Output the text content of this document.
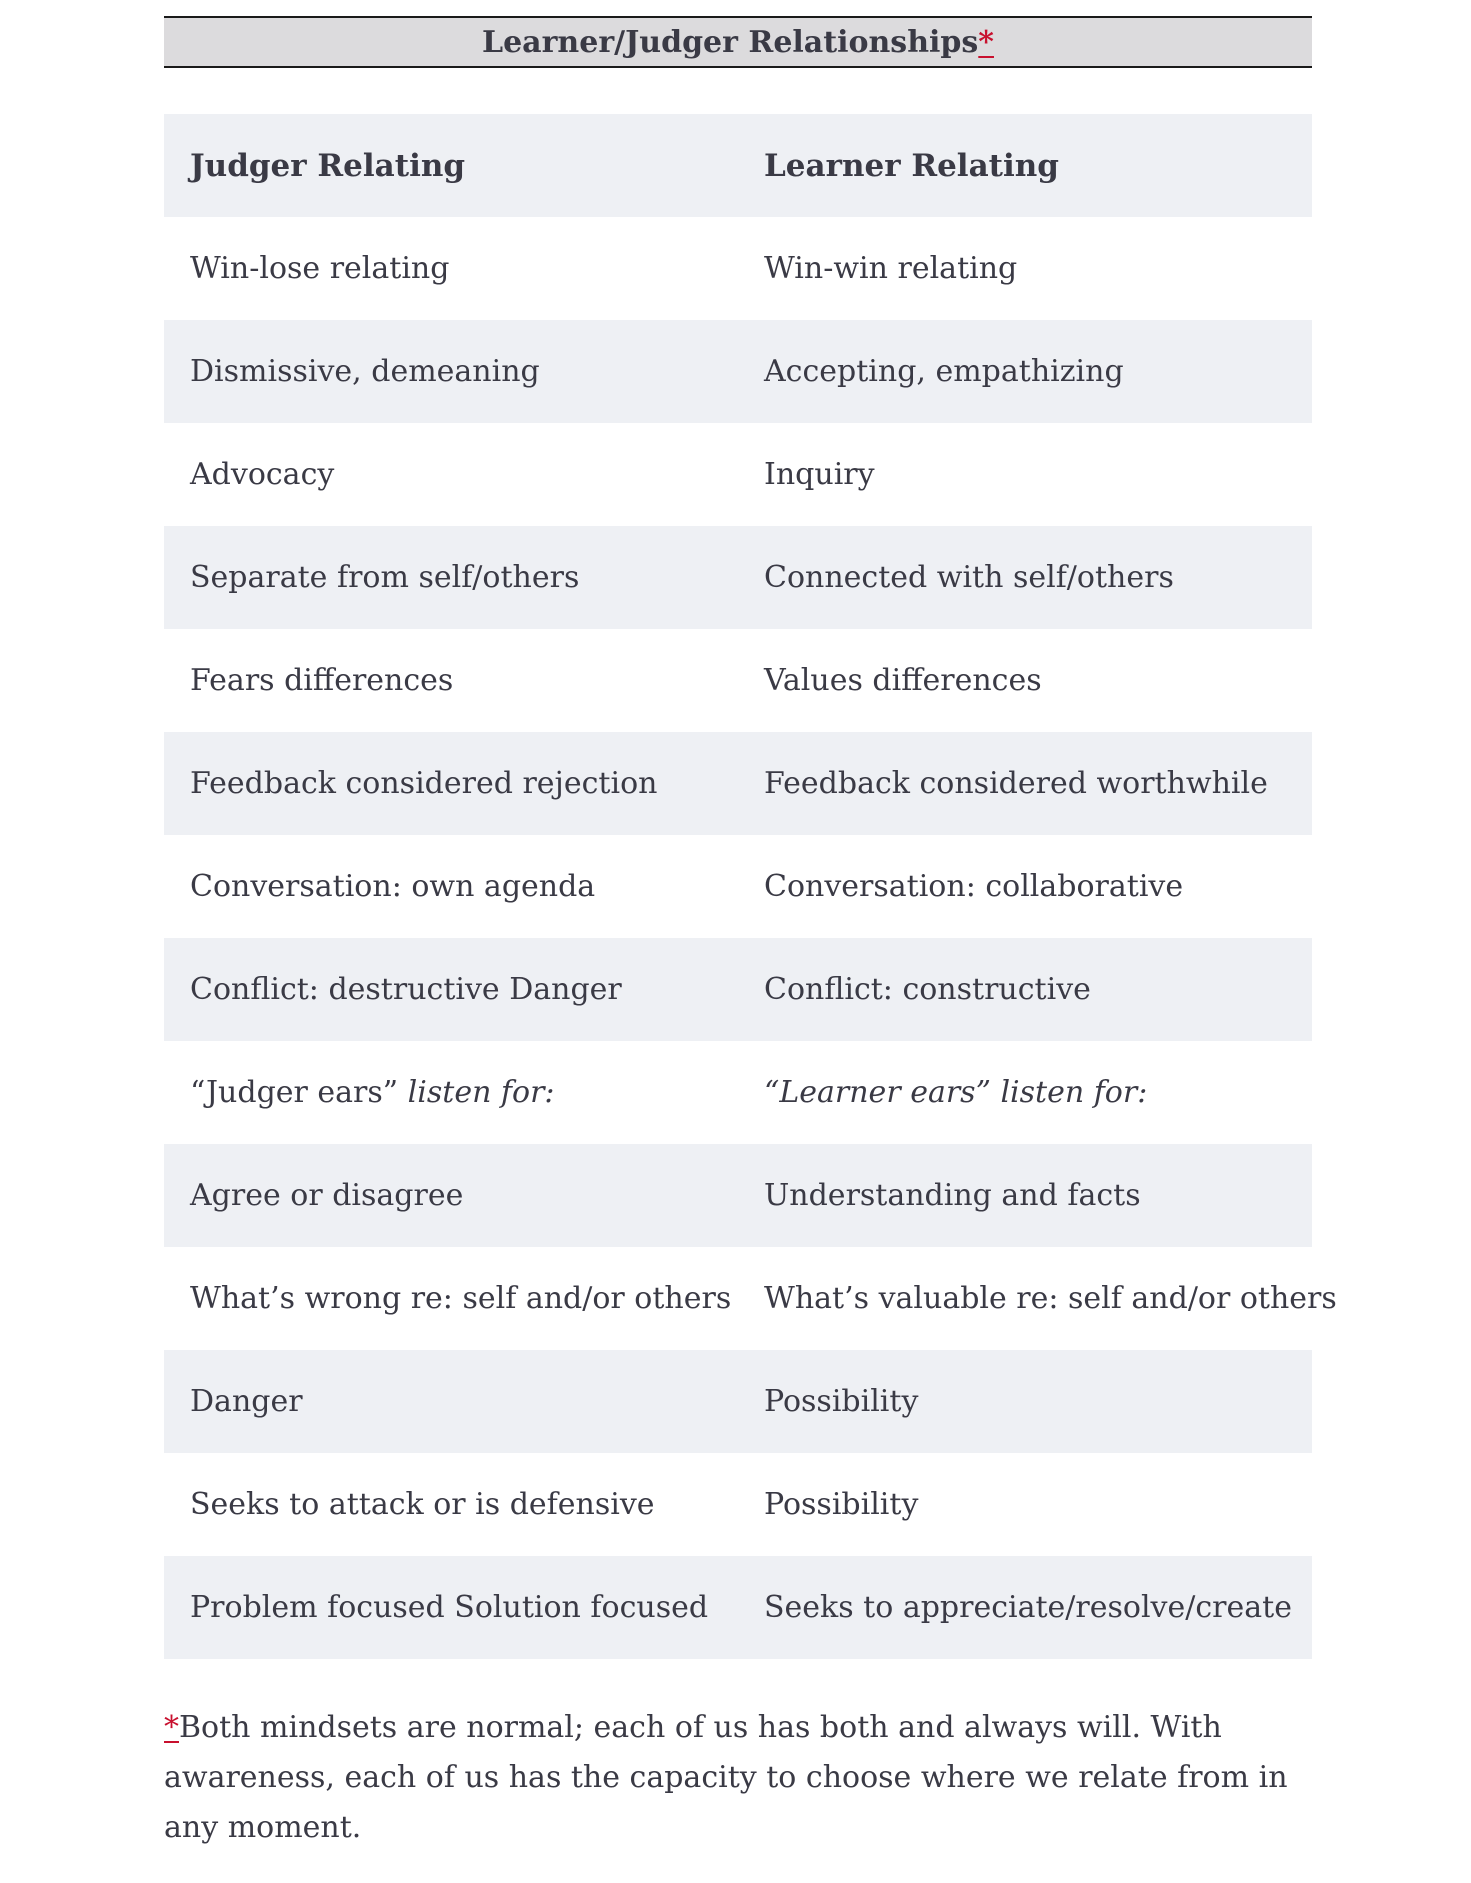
Learner/Judger Relationships *
Judger Relating	Learner Relating
Win-lose relating	Win-win relating
Dismissive, demeaning	Accepting, empathizing
Advocacy	Inquiry
Separate from self/others	Connected with self/others
Fears differences	Values differences
Feedback considered rejection	Feedback considered worthwhile
Conversation: own agenda	Conversation: collaborative
Conflict: destructive Danger	Conflict: constructive
“Judger ears” listen for:	“Learner ears” listen for:
Agree or disagree	Understanding and facts
What’s wrong re: self and/or others	What’s valuable re: self and/or others
Danger	Possibility
Seeks to attack or is defensive	Possibility
Problem focused Solution focused	Seeks to appreciate/resolve/create

*Both mindsets are normal; each of us has both and always will. With awareness, each of us has the capacity to choose where we relate from in any moment.
